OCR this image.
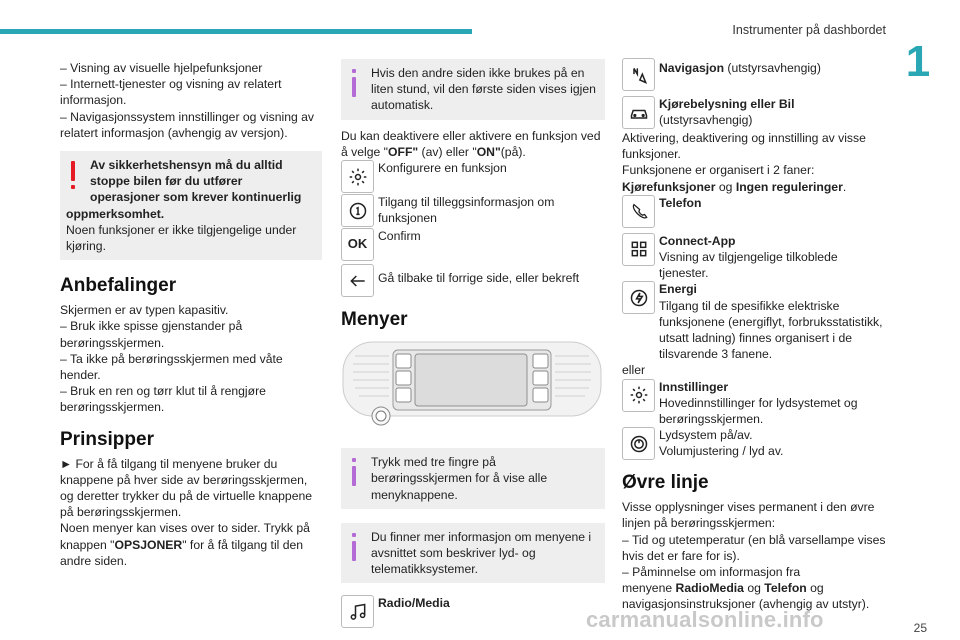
Instrumenter på dashbordet
1

– Visning av visuelle hjelpefunksjoner

– Internett-tjenester og visning av relatert informasjon.

– Navigasjonssystem innstillinger og visning av relatert informasjon (avhengig av versjon).

Av sikkerhetshensyn må du alltid stoppe bilen før du utfører operasjoner som krever kontinuerlig oppmerksomhet.

Noen funksjoner er ikke tilgjengelige under kjøring.

Anbefalinger

Skjermen er av typen kapasitiv.

– Bruk ikke spisse gjenstander på berøringsskjermen.

– Ta ikke på berøringsskjermen med våte hender.

– Bruk en ren og tørr klut til å rengjøre berøringsskjermen.

Prinsipper

► For å få tilgang til menyene bruker du knappene på hver side av berøringsskjermen, og deretter trykker du på de virtuelle knappene på berøringsskjermen.

Noen menyer kan vises over to sider. Trykk på knappen "OPSJONER" for å få tilgang til den andre siden.

Hvis den andre siden ikke brukes på en liten stund, vil den første siden vises igjen automatisk.

Du kan deaktivere eller aktivere en funksjon ved å velge "OFF" (av) eller "ON"(på).

Konfigurere en funksjon

Tilgang til tilleggsinformasjon om funksjonen

OK

Confirm

Gå tilbake til forrige side, eller bekreft

Menyer

Trykk med tre fingre på berøringsskjermen for å vise alle menyknappene.

Du finner mer informasjon om menyene i avsnittet som beskriver lyd- og telematikksystemer.

Radio/Media

Navigasjon (utstyrsavhengig)

Kjørebelysning eller Bil

(utstyrsavhengig)

Aktivering, deaktivering og innstilling av visse funksjoner.

Funksjonene er organisert i 2 faner:

Kjørefunksjoner og Ingen reguleringer.

Telefon

Connect-App

Visning av tilgjengelige tilkoblede tjenester.

Energi

Tilgang til de spesifikke elektriske funksjonene (energiflyt, forbruksstatistikk, utsatt ladning) finnes organisert i de tilsvarende 3 fanene.

eller

Innstillinger

Hovedinnstillinger for lydsystemet og berøringsskjermen.

Lydsystem på/av.

Volumjustering / lyd av.

Øvre linje

Visse opplysninger vises permanent i den øvre linjen på berøringsskjermen:

– Tid og utetemperatur (en blå varsellampe vises hvis det er fare for is).

– Påminnelse om informasjon fra

menyene RadioMedia og Telefon og

navigasjonsinstruksjoner (avhengig av utstyr).

carmanualsonline.info	25
